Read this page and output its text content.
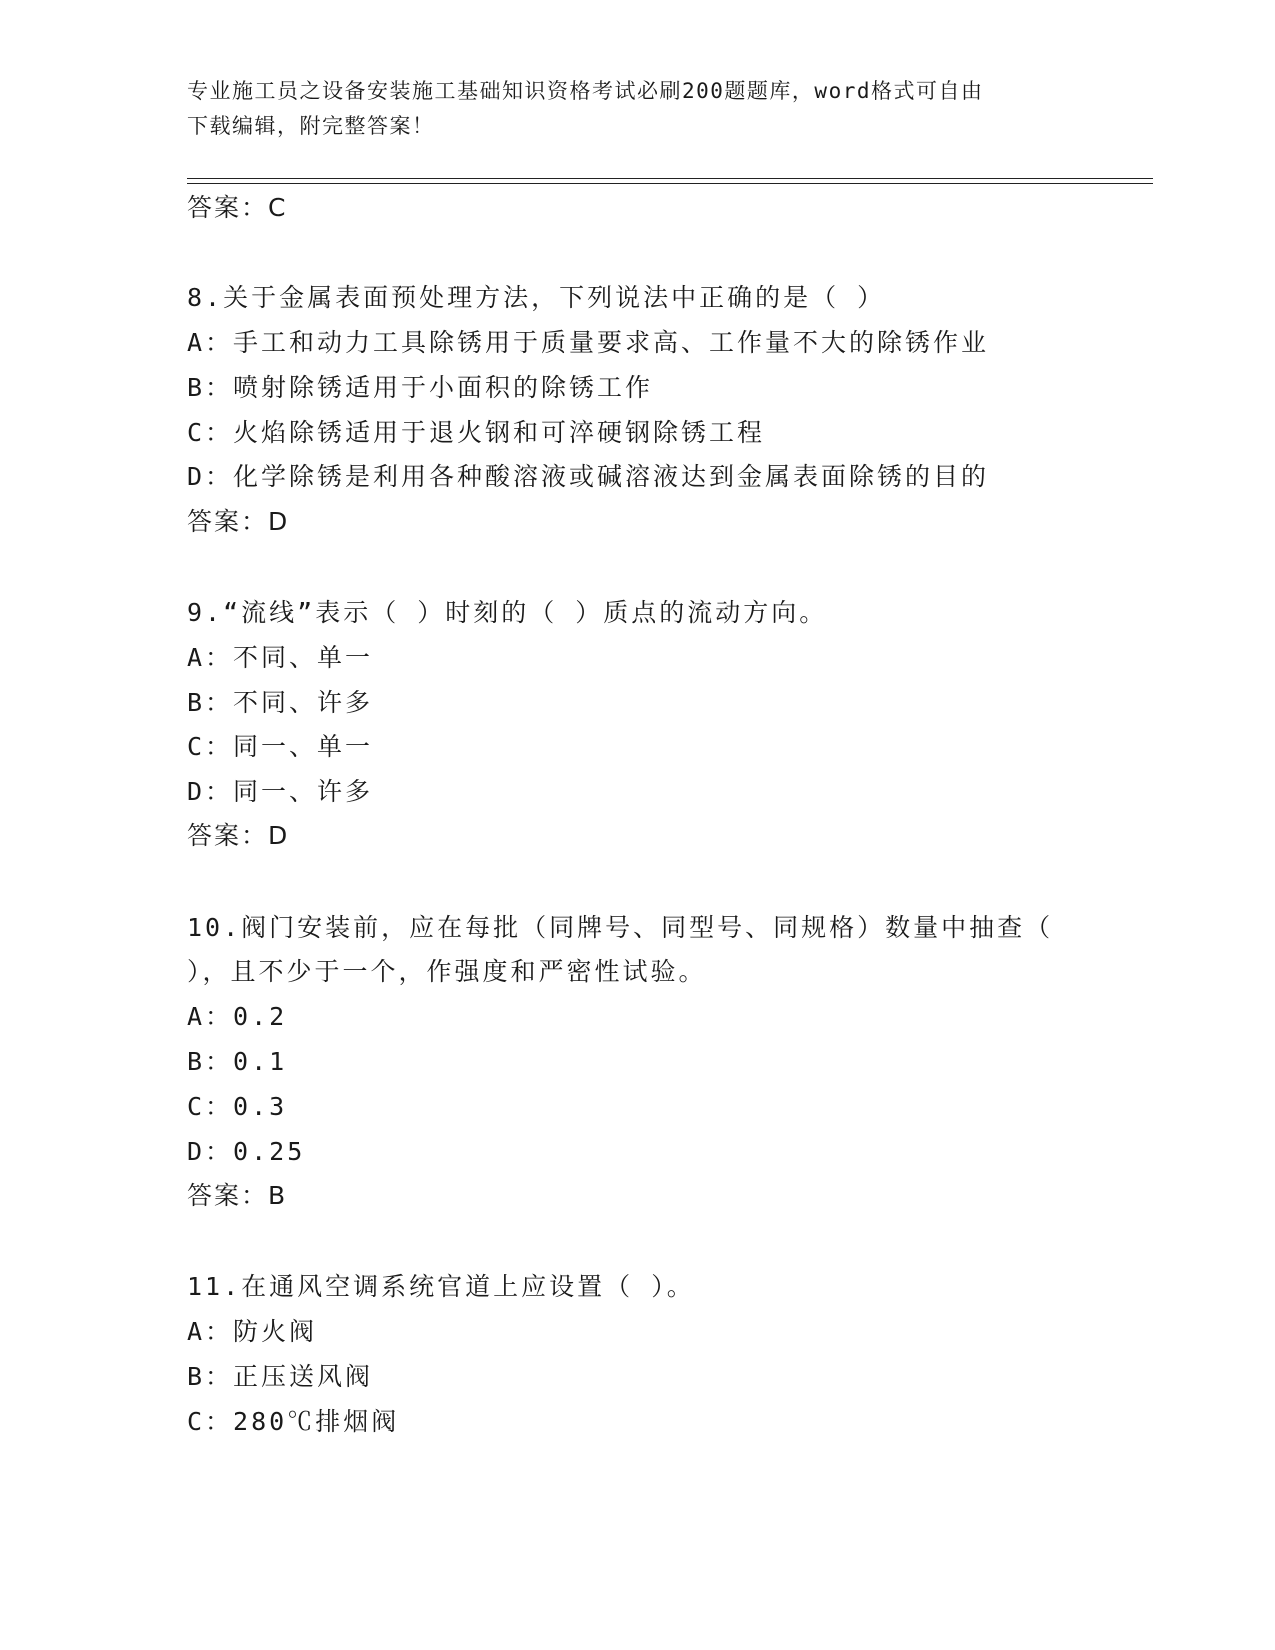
专业施工员之设备安装施工基础知识资格考试必刷200题题库，word格式可自由
下载编辑，附完整答案！
答案：C
8.关于金属表面预处理方法，下列说法中正确的是（ ）
A：手工和动力工具除锈用于质量要求高、工作量不大的除锈作业
B：喷射除锈适用于小面积的除锈工作
C：火焰除锈适用于退火钢和可淬硬钢除锈工程
D：化学除锈是利用各种酸溶液或碱溶液达到金属表面除锈的目的
答案：D
9.“流线”表示（ ）时刻的（ ）质点的流动方向。
A：不同、单一
B：不同、许多
C：同一、单一
D：同一、许多
答案：D
10.阀门安装前，应在每批（同牌号、同型号、同规格）数量中抽查（
），且不少于一个，作强度和严密性试验。
A：0.2
B：0.1
C：0.3
D：0.25
答案：B
11.在通风空调系统官道上应设置（ ）。
A：防火阀
B：正压送风阀
C：280℃排烟阀
